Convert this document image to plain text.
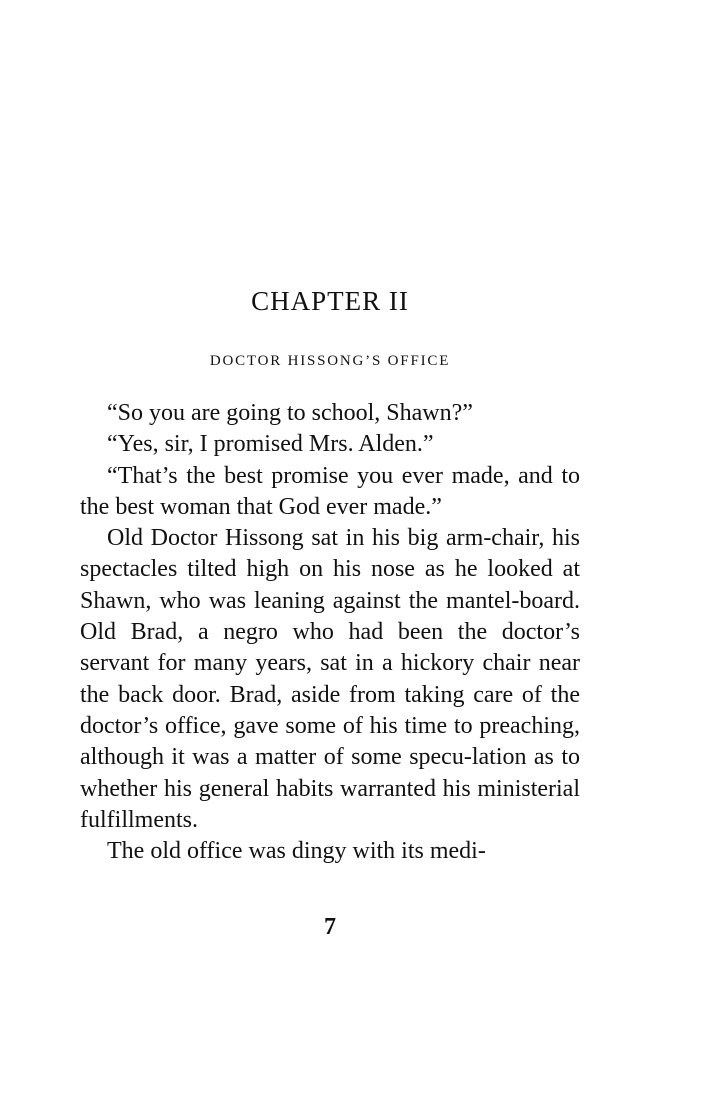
CHAPTER II
DOCTOR HISSONG’S OFFICE

“So you are going to school, Shawn?”

“Yes, sir, I promised Mrs. Alden.”

“That’s the best promise you ever made, and to the best woman that God ever made.”

Old Doctor Hissong sat in his big arm-chair, his spectacles tilted high on his nose as he looked at Shawn, who was leaning against the mantel-board. Old Brad, a negro who had been the doctor’s servant for many years, sat in a hickory chair near the back door. Brad, aside from taking care of the doctor’s office, gave some of his time to preaching, although it was a matter of some specu-lation as to whether his general habits warranted his ministerial fulfillments.

The old office was dingy with its medi-

7
